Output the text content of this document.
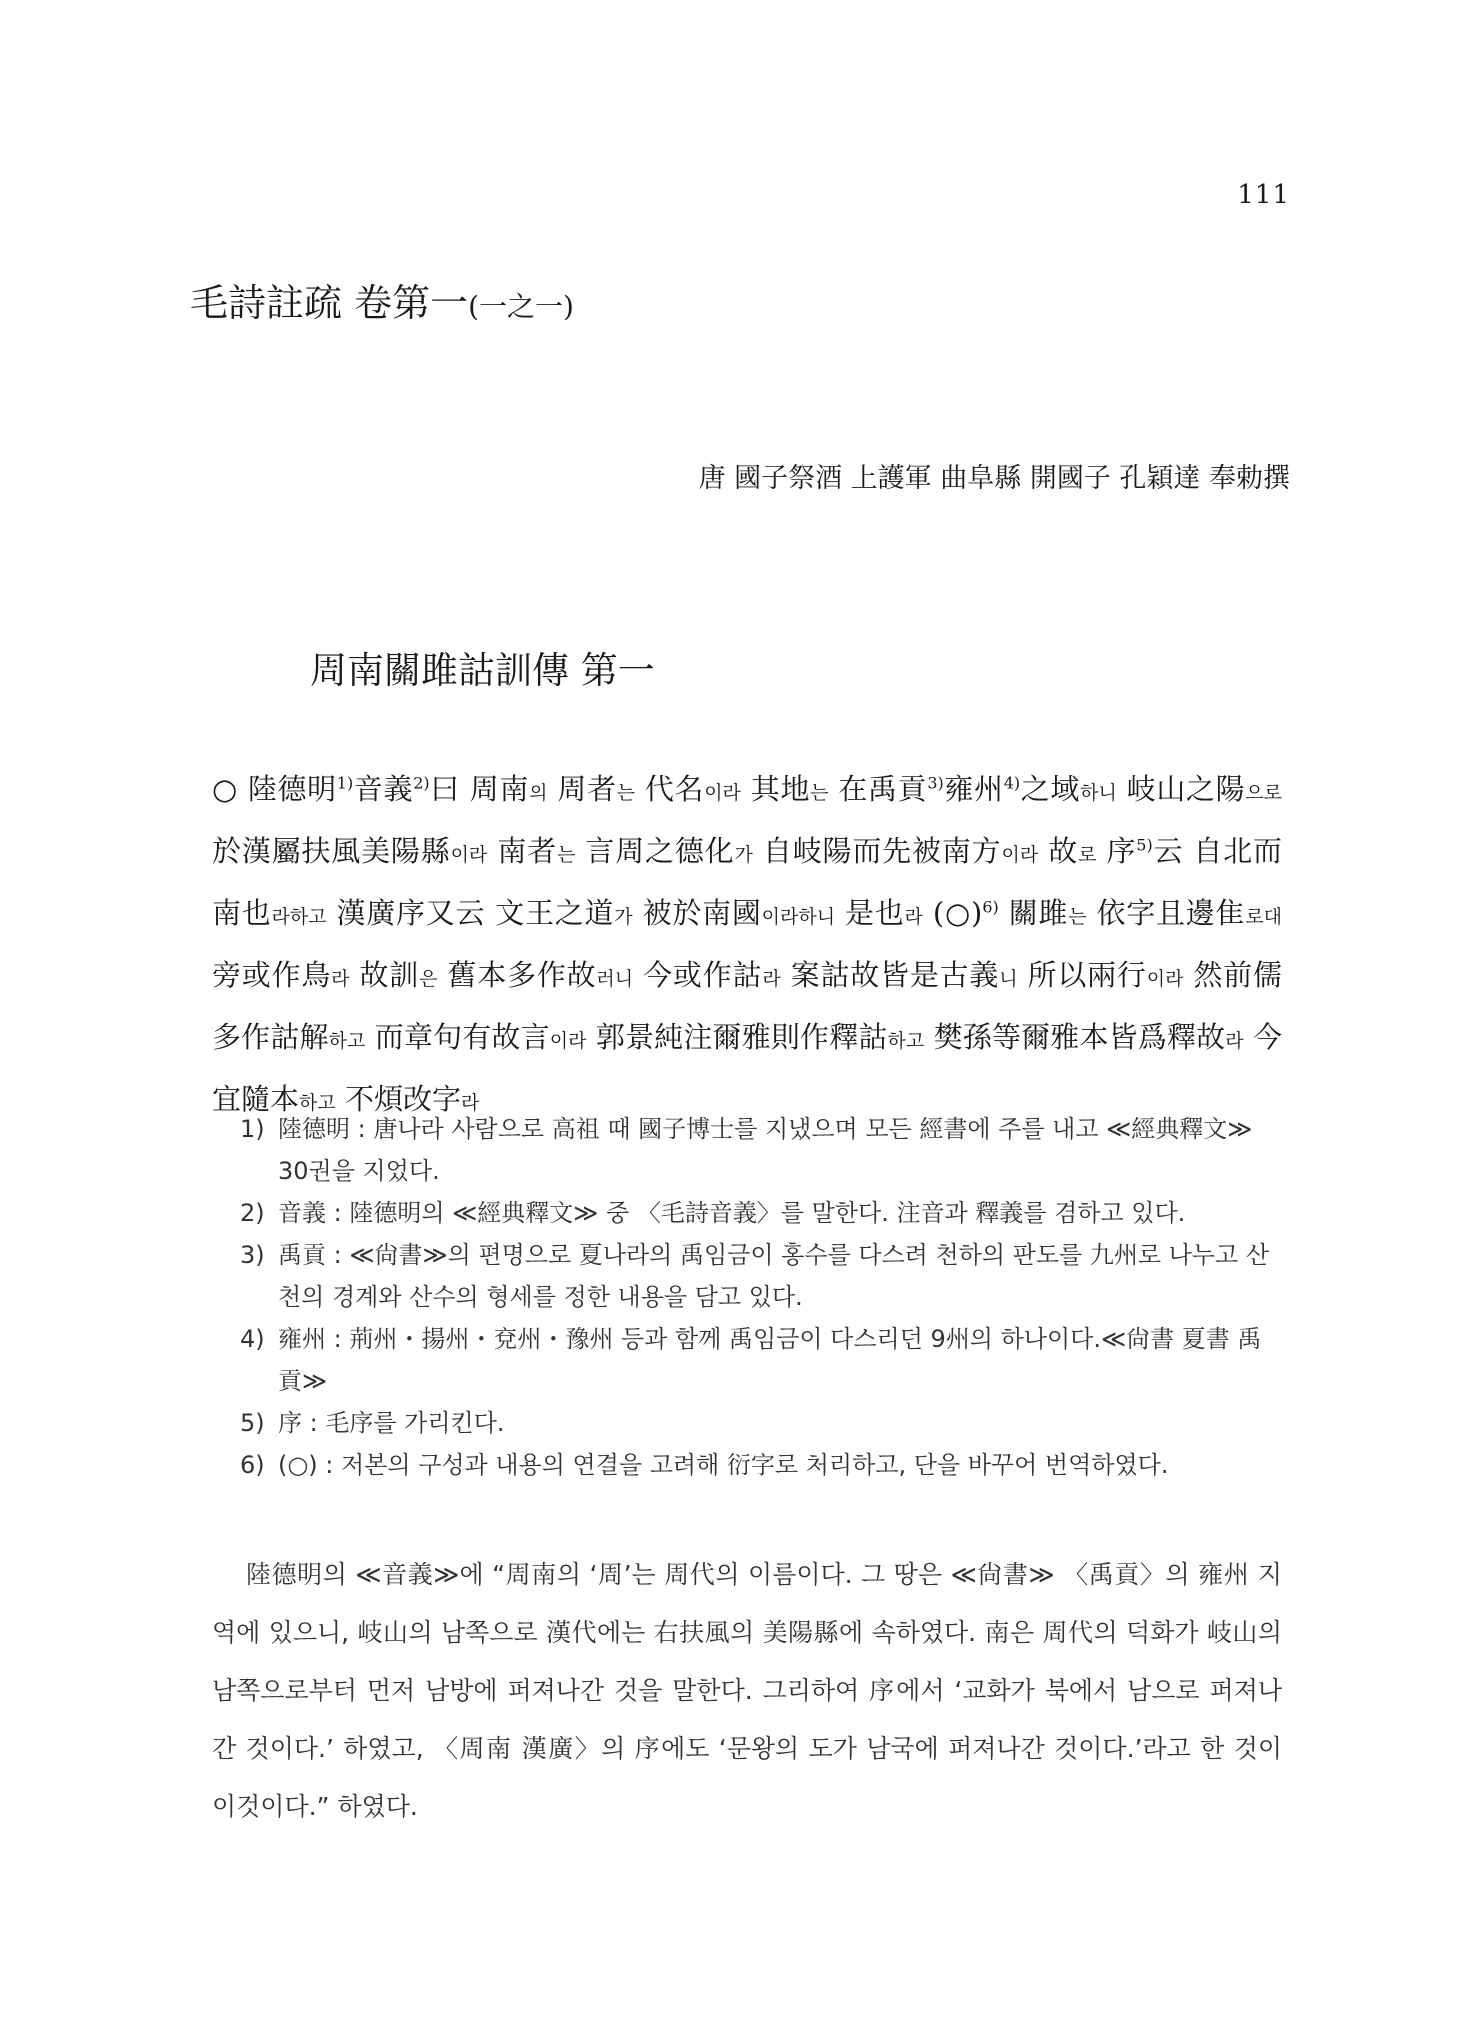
111
毛詩註疏 卷第一(一之一)
唐 國子祭酒 上護軍 曲阜縣 開國子 孔穎達 奉勅撰
周南關雎詁訓傳 第一

○ 陸德明$^{1)}$音義$^{2)}$曰 周南의 周者는 代名이라 其地는 在禹貢$^{3)}$雍州$^{4)}$之域하니 岐山之陽으로 於漢屬扶風美陽縣이라 南者는 言周之德化가 自岐陽而先被南方이라 故로 序$^{5)}$云 自北而南也라하고 漢廣序又云 文王之道가 被於南國이라하니 是也라 (○)$^{6)}$ 關雎는 依字且邊隹로대 旁或作鳥라 故訓은 舊本多作故러니 今或作詁라 案詁故皆是古義니 所以兩行이라 然前儒多作詁解하고 而章句有故言이라 郭景純注爾雅則作釋詁하고 樊孫等爾雅本皆爲釋故라 今宜隨本하고 不煩改字라

1) 陸德明 : 唐나라 사람으로 高祖 때 國子博士를 지냈으며 모든 經書에 주를 내고 ≪經典釋文≫ 30권을 지었다.
2) 音義 : 陸德明의 ≪經典釋文≫ 중 〈毛詩音義〉를 말한다. 注音과 釋義를 겸하고 있다.
3) 禹貢 : ≪尙書≫의 편명으로 夏나라의 禹임금이 홍수를 다스려 천하의 판도를 九州로 나누고 산천의 경계와 산수의 형세를 정한 내용을 담고 있다.
4) 雍州 : 荊州・揚州・兗州・豫州 등과 함께 禹임금이 다스리던 9州의 하나이다.≪尙書 夏書 禹貢≫
5) 序 : 毛序를 가리킨다.
6) (○) : 저본의 구성과 내용의 연결을 고려해 衍字로 처리하고, 단을 바꾸어 번역하였다.

陸德明의 ≪音義≫에 “周南의 ‘周’는 周代의 이름이다. 그 땅은 ≪尙書≫ 〈禹貢〉의 雍州 지역에 있으니, 岐山의 남쪽으로 漢代에는 右扶風의 美陽縣에 속하였다. 南은 周代의 덕화가 岐山의 남쪽으로부터 먼저 남방에 퍼져나간 것을 말한다. 그리하여 序에서 ‘교화가 북에서 남으로 퍼져나간 것이다.’ 하였고, 〈周南 漢廣〉의 序에도 ‘문왕의 도가 남국에 퍼져나간 것이다.’라고 한 것이 이것이다.” 하였다.
